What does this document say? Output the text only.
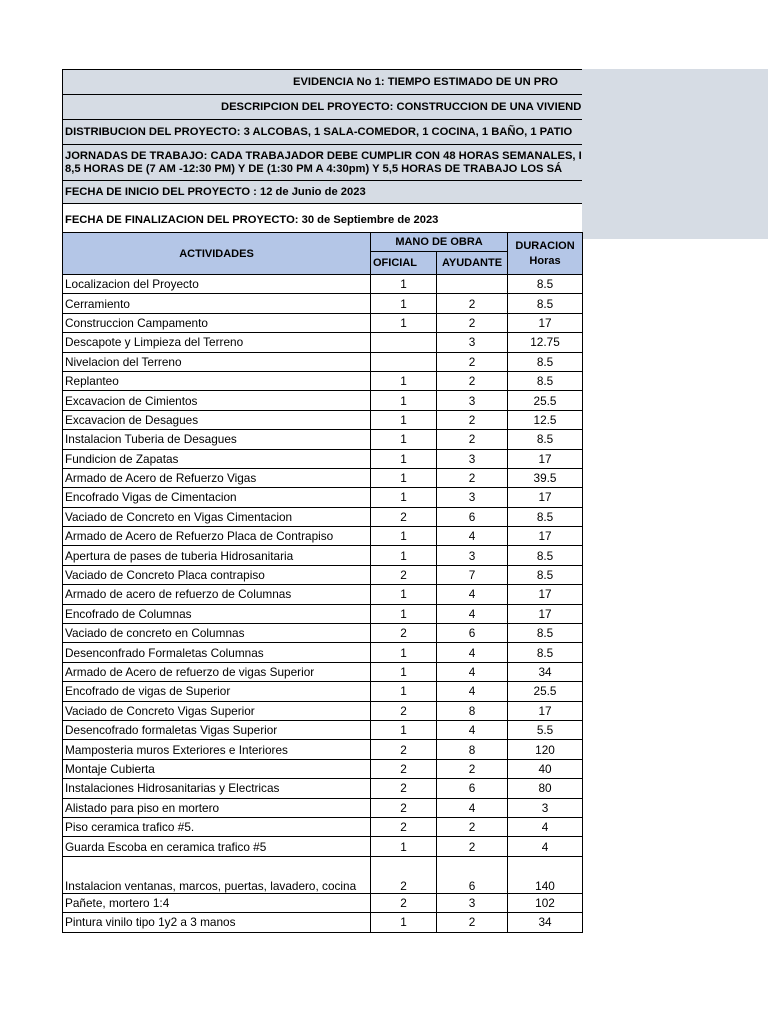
EVIDENCIA No 1: TIEMPO ESTIMADO DE UN PRO
DESCRIPCION DEL PROYECTO: CONSTRUCCION DE UNA VIVIEND
DISTRIBUCION DEL PROYECTO: 3 ALCOBAS, 1 SALA-COMEDOR, 1 COCINA, 1 BAÑO, 1 PATIO
JORNADAS DE TRABAJO: CADA TRABAJADOR DEBE CUMPLIR CON 48 HORAS SEMANALES, I
8,5 HORAS DE (7 AM -12:30 PM) Y DE (1:30 PM A 4:30pm) Y 5,5 HORAS DE TRABAJO LOS SÁ
FECHA DE INICIO DEL PROYECTO : 12 de Junio de 2023
FECHA DE FINALIZACION DEL PROYECTO: 30 de Septiembre de 2023
ACTIVIDADES	MANO DE OBRA		DURACION
Horas

	OFICIAL	AYUDANTE	
Localizacion del Proyecto	1		8.5
Cerramiento	1	2	8.5
Construccion Campamento	1	2	17
Descapote y Limpieza del Terreno		3	12.75
Nivelacion del Terreno		2	8.5
Replanteo	1	2	8.5
Excavacion de Cimientos	1	3	25.5
Excavacion de Desagues	1	2	12.5
Instalacion Tuberia de Desagues	1	2	8.5
Fundicion de Zapatas	1	3	17
Armado de Acero de Refuerzo Vigas	1	2	39.5
Encofrado Vigas de Cimentacion	1	3	17
Vaciado de Concreto en Vigas Cimentacion	2	6	8.5
Armado de Acero de Refuerzo Placa de Contrapiso	1	4	17
Apertura de pases de tuberia Hidrosanitaria	1	3	8.5
Vaciado de Concreto Placa contrapiso	2	7	8.5
Armado de acero de refuerzo de Columnas	1	4	17
Encofrado de Columnas	1	4	17
Vaciado de concreto en Columnas	2	6	8.5
Desenconfrado Formaletas Columnas	1	4	8.5
Armado de Acero de refuerzo de vigas Superior	1	4	34
Encofrado de vigas de Superior	1	4	25.5
Vaciado de Concreto Vigas Superior	2	8	17
Desencofrado formaletas Vigas Superior	1	4	5.5
Mamposteria muros Exteriores e Interiores	2	8	120
Montaje Cubierta	2	2	40
Instalaciones Hidrosanitarias y Electricas	2	6	80
Alistado para piso en mortero	2	4	3
Piso ceramica trafico #5.	2	2	4
Guarda Escoba en ceramica trafico #5	1	2	4
Instalacion ventanas, marcos, puertas, lavadero, cocina	2	6	140
Pañete, mortero 1:4	2	3	102
Pintura vinilo tipo 1y2 a 3 manos	1	2	34
